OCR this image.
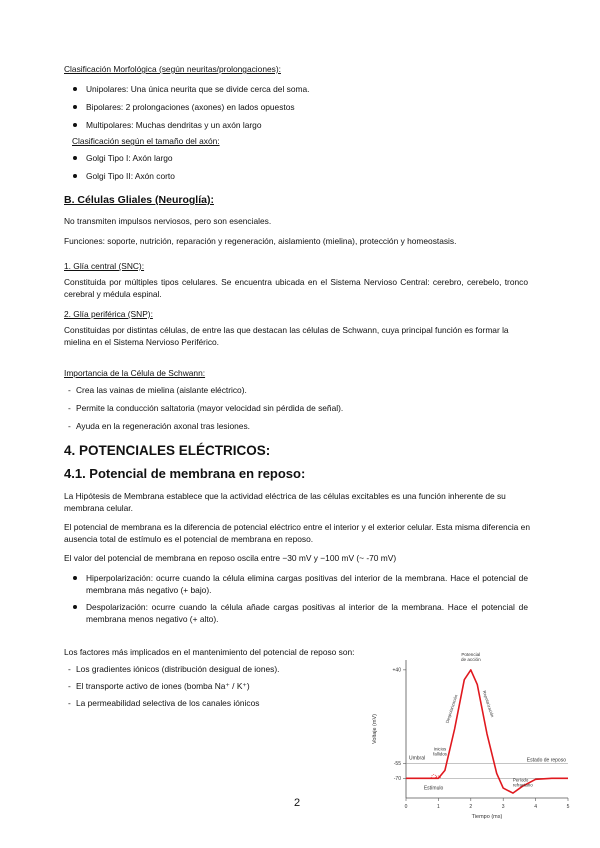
Clasificación Morfológica (según neuritas/prolongaciones):
Unipolares: Una única neurita que se divide cerca del soma.
Bipolares: 2 prolongaciones (axones) en lados opuestos
Multipolares: Muchas dendritas y un axón largo
Clasificación según el tamaño del axón:
Golgi Tipo I: Axón largo
Golgi Tipo II: Axón corto
B. Células Gliales (Neuroglía):
No transmiten impulsos nerviosos, pero son esenciales.
Funciones: soporte, nutrición, reparación y regeneración, aislamiento (mielina), protección y homeostasis.
1. Glía central (SNC):
Constituida por múltiples tipos celulares. Se encuentra ubicada en el Sistema Nervioso Central: cerebro, cerebelo, tronco cerebral y médula espinal.
2. Glía periférica (SNP):
Constituidas por distintas células, de entre las que destacan las células de Schwann, cuya principal función es formar la mielina en el Sistema Nervioso Periférico.
Importancia de la Célula de Schwann:
- Crea las vainas de mielina (aislante eléctrico).
- Permite la conducción saltatoria (mayor velocidad sin pérdida de señal).
- Ayuda en la regeneración axonal tras lesiones.
4. POTENCIALES ELÉCTRICOS:
4.1. Potencial de membrana en reposo:
La Hipótesis de Membrana establece que la actividad eléctrica de las células excitables es una función inherente de su membrana celular.
El potencial de membrana es la diferencia de potencial eléctrico entre el interior y el exterior celular. Esta misma diferencia en ausencia total de estímulo es el potencial de membrana en reposo.
El valor del potencial de membrana en reposo oscila entre −30 mV y −100 mV (~ -70 mV)
Hiperpolarización: ocurre cuando la célula elimina cargas positivas del interior de la membrana. Hace el potencial de membrana más negativo (+ bajo).
Despolarización: ocurre cuando la célula añade cargas positivas al interior de la membrana. Hace el potencial de membrana menos negativo (+ alto).
Los factores más implicados en el mantenimiento del potencial de reposo son:
- Los gradientes iónicos (distribución desigual de iones).
- El transporte activo de iones (bomba Na⁺ / K⁺)
- La permeabilidad selectiva de los canales iónicos
+40
-55
-70
0	1	2	3	4	5
Tiempo (ms)
Voltaje (mV)
Potencial
de acción
Umbral	Estado de reposo
Estímulo
Inicios
fallidos
Período
refractario
Despolarización	Repolarización
2
